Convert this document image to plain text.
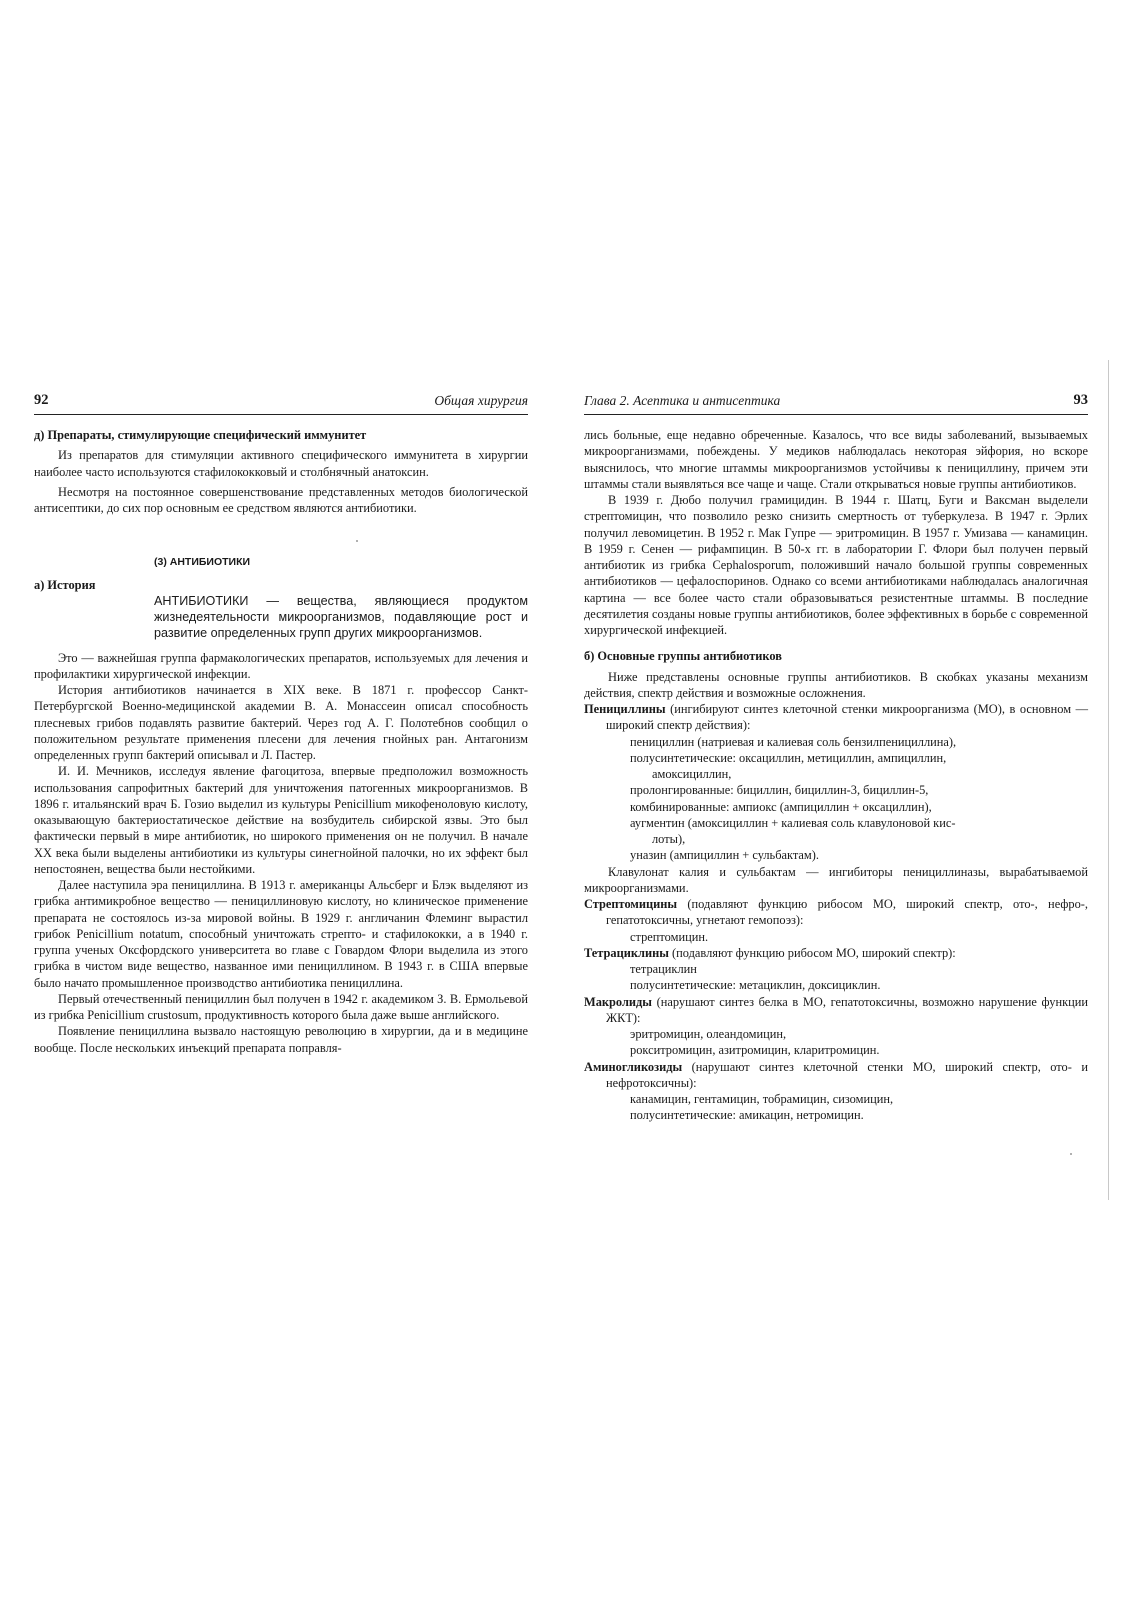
92	Общая хирургия

д) Препараты, стимулирующие специфический иммунитет

Из препаратов для стимуляции активного специфического иммунитета в хирургии наиболее часто используются стафилококковый и столбнячный анатоксин.

Несмотря на постоянное совершенствование представленных методов биологической антисептики, до сих пор основным ее средством являются антибиотики.

(3) АНТИБИОТИКИ

а) История

АНТИБИОТИКИ — вещества, являющиеся продуктом жизнедеятельности микроорганизмов, подавляющие рост и развитие определенных групп других микроорганизмов.

Это — важнейшая группа фармакологических препаратов, используемых для лечения и профилактики хирургической инфекции.

История антибиотиков начинается в XIX веке. В 1871 г. профессор Санкт-Петербургской Военно-медицинской академии В. А. Монассеин описал способность плесневых грибов подавлять развитие бактерий. Через год А. Г. Полотебнов сообщил о положительном результате применения плесени для лечения гнойных ран. Антагонизм определенных групп бактерий описывал и Л. Пастер.

И. И. Мечников, исследуя явление фагоцитоза, впервые предположил возможность использования сапрофитных бактерий для уничтожения патогенных микроорганизмов. В 1896 г. итальянский врач Б. Гозио выделил из культуры Penicillium микофеноловую кислоту, оказывающую бактериостатическое действие на возбудитель сибирской язвы. Это был фактически первый в мире антибиотик, но широкого применения он не получил. В начале XX века были выделены антибиотики из культуры синегнойной палочки, но их эффект был непостоянен, вещества были нестойкими.

Далее наступила эра пенициллина. В 1913 г. американцы Альсберг и Блэк выделяют из грибка антимикробное вещество — пенициллиновую кислоту, но клиническое применение препарата не состоялось из-за мировой войны. В 1929 г. англичанин Флеминг вырастил грибок Penicillium notatum, способный уничтожать стрепто- и стафилококки, а в 1940 г. группа ученых Оксфордского университета во главе с Говардом Флори выделила из этого грибка в чистом виде вещество, названное ими пенициллином. В 1943 г. в США впервые было начато промышленное производство антибиотика пенициллина.

Первый отечественный пенициллин был получен в 1942 г. академиком З. В. Ермольевой из грибка Penicillium crustosum, продуктивность которого была даже выше английского.

Появление пенициллина вызвало настоящую революцию в хирургии, да и в медицине вообще. После нескольких инъекций препарата поправля-

Глава 2. Асептика и антисептика	93

лись больные, еще недавно обреченные. Казалось, что все виды заболеваний, вызываемых микроорганизмами, побеждены. У медиков наблюдалась некоторая эйфория, но вскоре выяснилось, что многие штаммы микроорганизмов устойчивы к пенициллину, причем эти штаммы стали выявляться все чаще и чаще. Стали открываться новые группы антибиотиков.

В 1939 г. Дюбо получил грамицидин. В 1944 г. Шатц, Буги и Ваксман выделели стрептомицин, что позволило резко снизить смертность от туберкулеза. В 1947 г. Эрлих получил левомицетин. В 1952 г. Мак Гупре — эритромицин. В 1957 г. Умизава — канамицин. В 1959 г. Сенен — рифампицин. В 50-х гг. в лаборатории Г. Флори был получен первый антибиотик из грибка Cephalosporum, положивший начало большой группы современных антибиотиков — цефалоспоринов. Однако со всеми антибиотиками наблюдалась аналогичная картина — все более часто стали образовываться резистентные штаммы. В последние десятилетия созданы новые группы антибиотиков, более эффективных в борьбе с современной хирургической инфекцией.

б) Основные группы антибиотиков

Ниже представлены основные группы антибиотиков. В скобках указаны механизм действия, спектр действия и возможные осложнения.

Пенициллины (ингибируют синтез клеточной стенки микроорганизма (МО), в основном — широкий спектр действия):

пенициллин (натриевая и калиевая соль бензилпенициллина),

полусинтетические: оксациллин, метициллин, ампициллин,

амоксициллин,

пролонгированные: бициллин, бициллин-3, бициллин-5,

комбинированные: ампиокс (ампициллин + оксациллин),

аугментин (амоксициллин + калиевая соль клавулоновой кис-

лоты),

уназин (ампициллин + сульбактам).

Клавулонат калия и сульбактам — ингибиторы пенициллиназы, вырабатываемой микроорганизмами.

Стрептомицины (подавляют функцию рибосом МО, широкий спектр, ото-, нефро-, гепатотоксичны, угнетают гемопоэз):

стрептомицин.

Тетрациклины (подавляют функцию рибосом МО, широкий спектр):

тетрациклин

полусинтетические: метациклин, доксициклин.

Макролиды (нарушают синтез белка в МО, гепатотоксичны, возможно нарушение функции ЖКТ):

эритромицин, олеандомицин,

рокситромицин, азитромицин, кларитромицин.

Аминогликозиды (нарушают синтез клеточной стенки МО, широкий спектр, ото- и нефротоксичны):

канамицин, гентамицин, тобрамицин, сизомицин,

полусинтетические: амикацин, нетромицин.
